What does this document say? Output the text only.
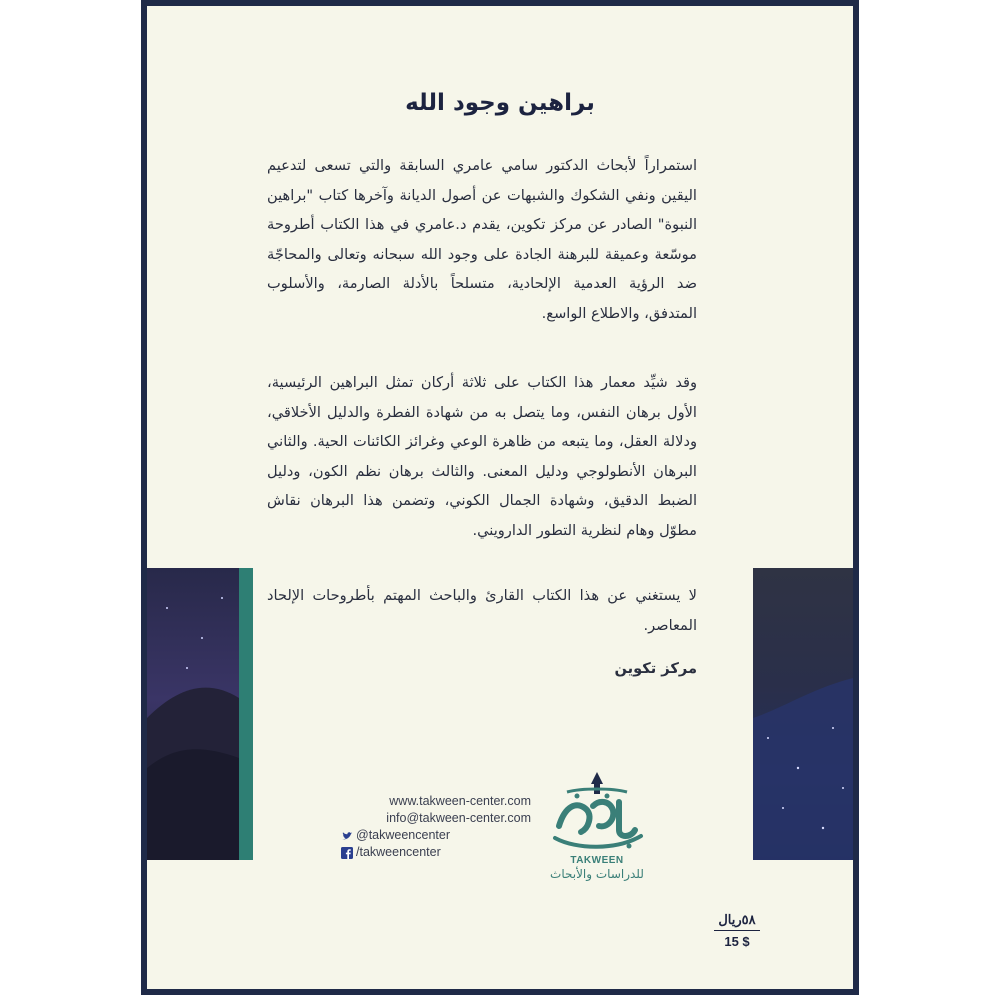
براهين وجود الله
استمراراً لأبحاث الدكتور سامي عامري السابقة والتي تسعى لتدعيم اليقين ونفي الشكوك والشبهات عن أصول الديانة وآخرها كتاب "براهين النبوة" الصادر عن مركز تكوين، يقدم د.عامري في هذا الكتاب أطروحة موسّعة وعميقة للبرهنة الجادة على وجود الله سبحانه وتعالى والمحاجّة ضد الرؤية العدمية الإلحادية، متسلحاً بالأدلة الصارمة، والأسلوب المتدفق، والاطلاع الواسع.
وقد شيِّد معمار هذا الكتاب على ثلاثة أركان تمثل البراهين الرئيسية، الأول برهان النفس، وما يتصل به من شهادة الفطرة والدليل الأخلاقي، ودلالة العقل، وما يتبعه من ظاهرة الوعي وغرائز الكائنات الحية. والثاني البرهان الأنطولوجي ودليل المعنى. والثالث برهان نظم الكون، ودليل الضبط الدقيق، وشهادة الجمال الكوني، وتضمن هذا البرهان نقاش مطوّل وهام لنظرية التطور الدارويني.
لا يستغني عن هذا الكتاب القارئ والباحث المهتم بأطروحات الإلحاد المعاصر.
مركز تكوين
www.takween-center.com
info@takween-center.com
@takweencenter
/takweencenter
TAKWEEN
للدراسات والأبحاث
٥٨ريال
15 $
